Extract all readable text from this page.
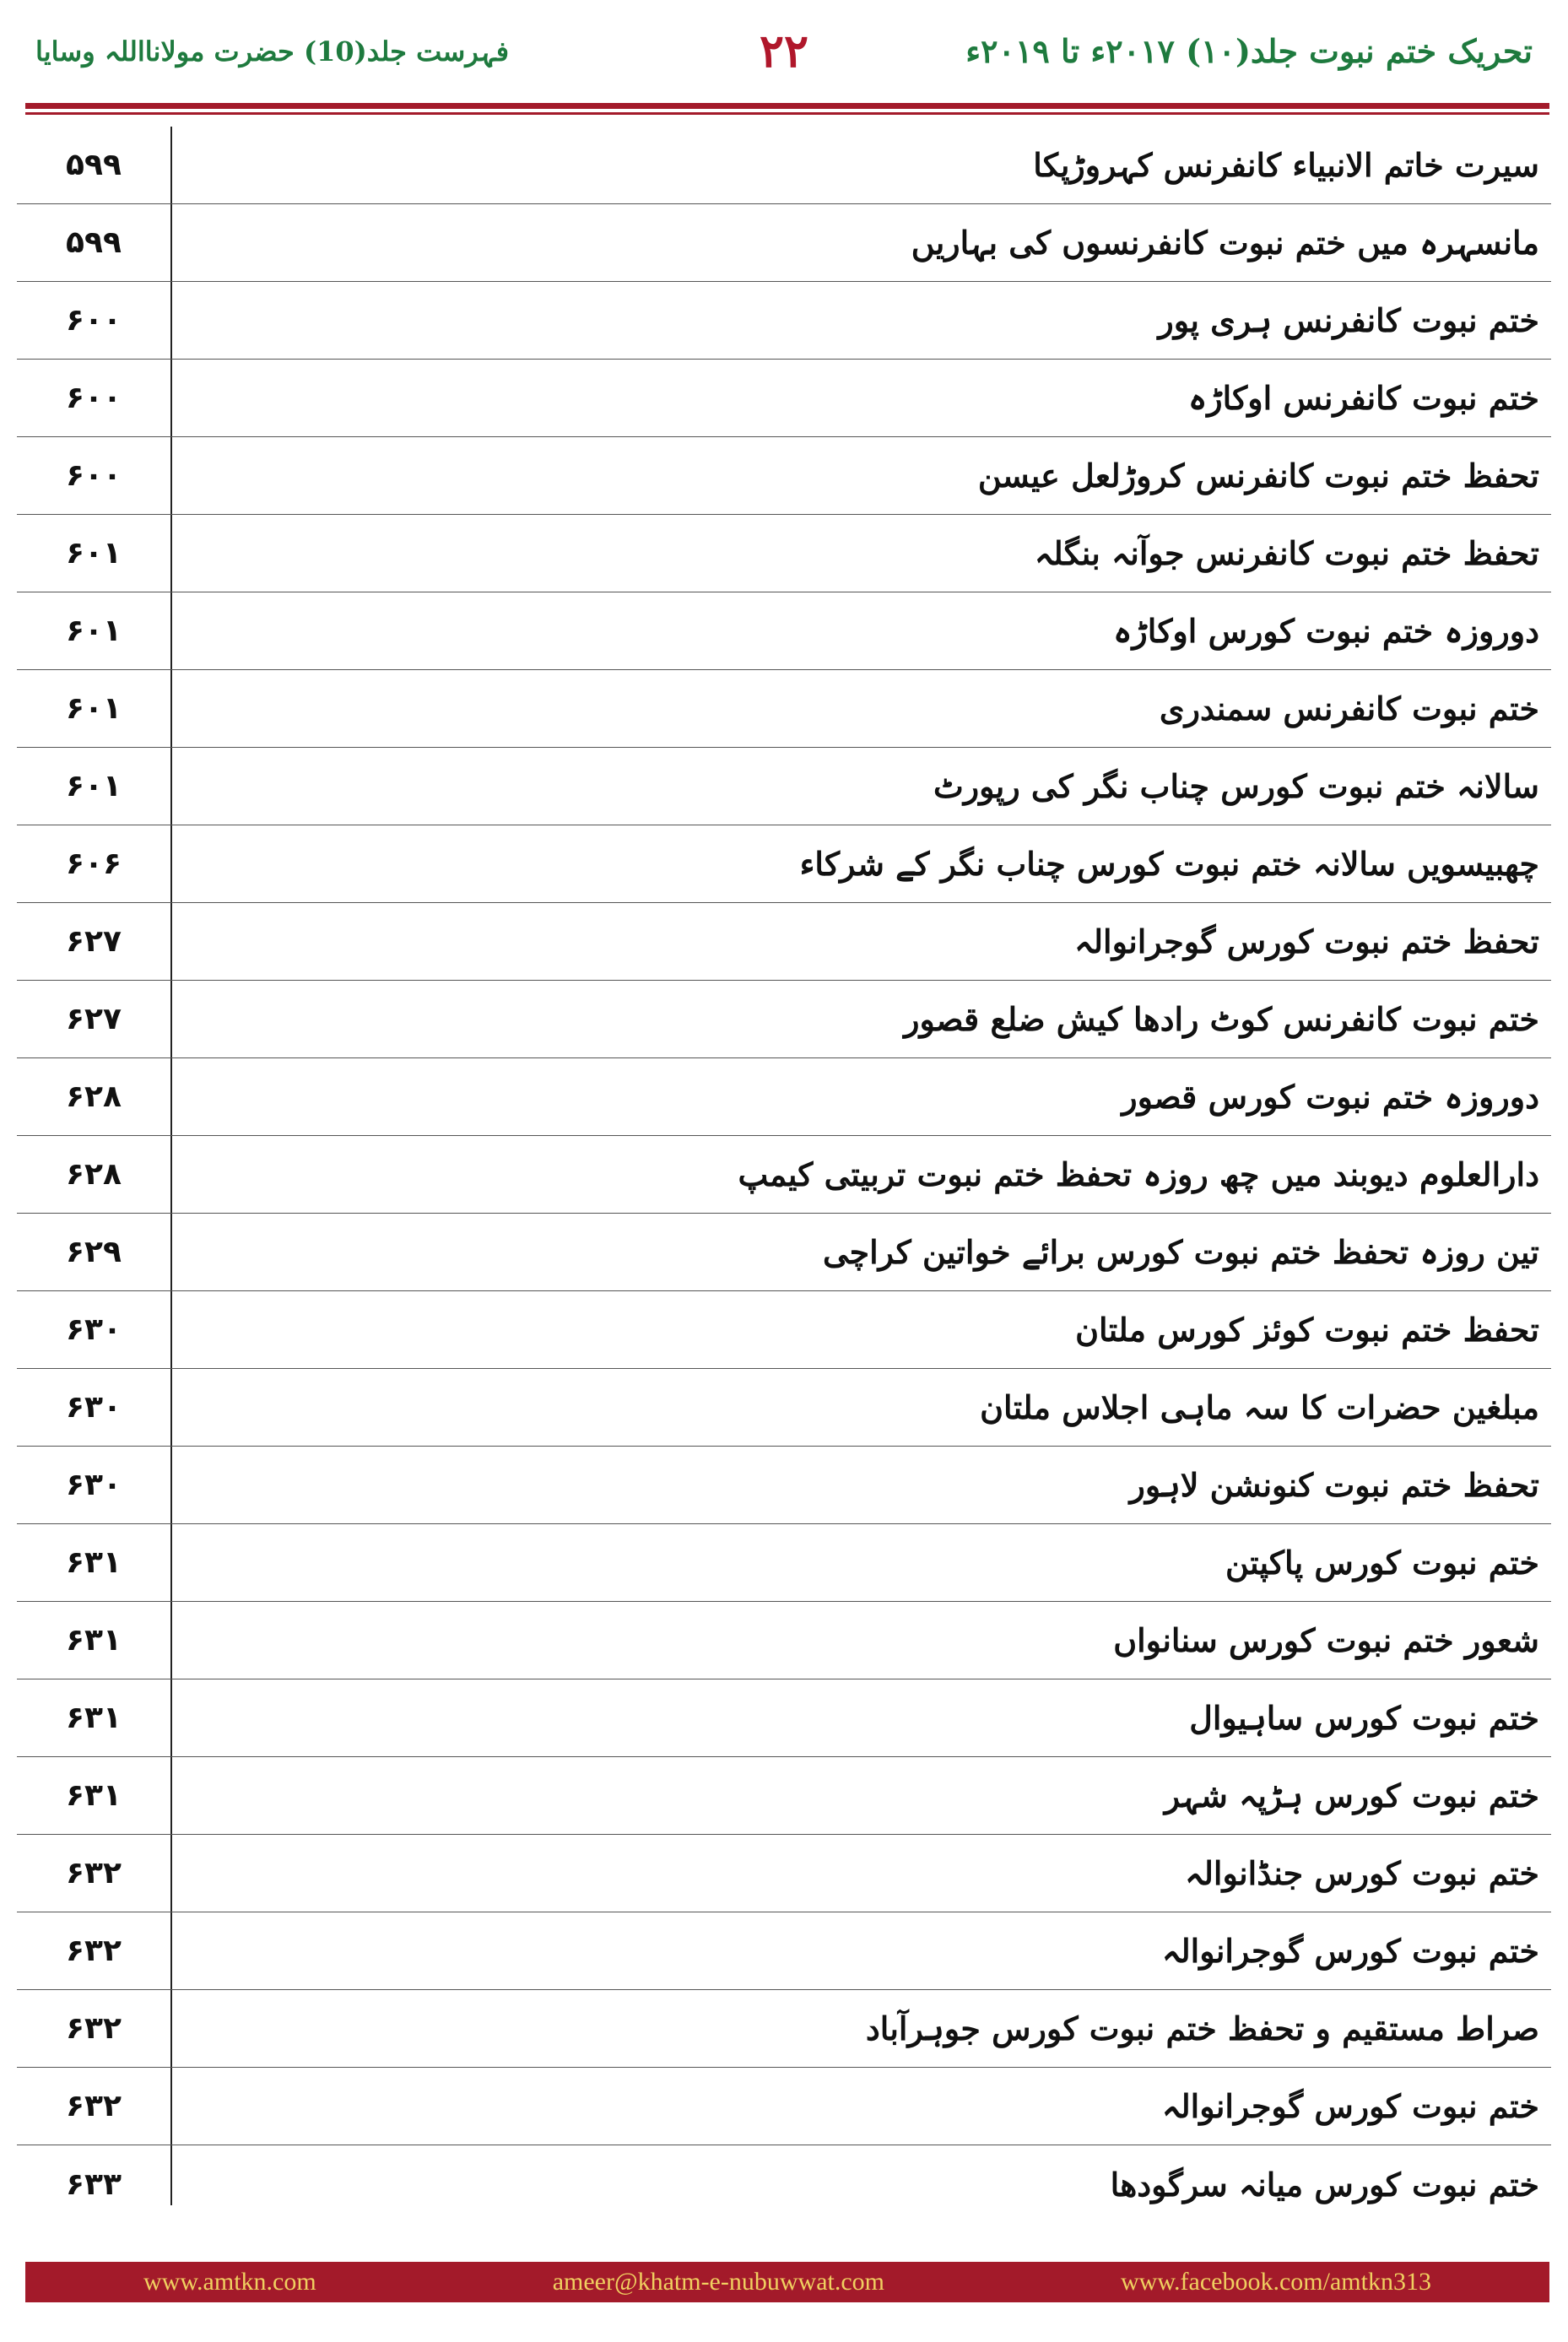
تحریک ختم نبوت جلد(۱۰) ۲۰۱۷ء تا ۲۰۱۹ء
۲۲
فہرست جلد(10) حضرت مولانااللہ وسایا
۵۹۹	سیرت خاتم الانبیاء کانفرنس کہروڑپکا
۵۹۹	مانسہرہ میں ختم نبوت کانفرنسوں کی بہاریں
۶۰۰	ختم نبوت کانفرنس ہری پور
۶۰۰	ختم نبوت کانفرنس اوکاڑہ
۶۰۰	تحفظ ختم نبوت کانفرنس کروڑلعل عیسن
۶۰۱	تحفظ ختم نبوت کانفرنس جوآنہ بنگلہ
۶۰۱	دوروزہ ختم نبوت کورس اوکاڑہ
۶۰۱	ختم نبوت کانفرنس سمندری
۶۰۱	سالانہ ختم نبوت کورس چناب نگر کی رپورٹ
۶۰۶	چھبیسویں سالانہ ختم نبوت کورس چناب نگر کے شرکاء
۶۲۷	تحفظ ختم نبوت کورس گوجرانوالہ
۶۲۷	ختم نبوت کانفرنس کوٹ رادھا کیش ضلع قصور
۶۲۸	دوروزہ ختم نبوت کورس قصور
۶۲۸	دارالعلوم دیوبند میں چھ روزہ تحفظ ختم نبوت تربیتی کیمپ
۶۲۹	تین روزہ تحفظ ختم نبوت کورس برائے خواتین کراچی
۶۳۰	تحفظ ختم نبوت کوئز کورس ملتان
۶۳۰	مبلغین حضرات کا سہ ماہی اجلاس ملتان
۶۳۰	تحفظ ختم نبوت کنونشن لاہور
۶۳۱	ختم نبوت کورس پاکپتن
۶۳۱	شعور ختم نبوت کورس سنانواں
۶۳۱	ختم نبوت کورس ساہیوال
۶۳۱	ختم نبوت کورس ہڑپہ شہر
۶۳۲	ختم نبوت کورس جنڈانوالہ
۶۳۲	ختم نبوت کورس گوجرانوالہ
۶۳۲	صراط مستقیم و تحفظ ختم نبوت کورس جوہرآباد
۶۳۲	ختم نبوت کورس گوجرانوالہ
۶۳۳	ختم نبوت کورس میانہ سرگودھا
www.amtkn.com	ameer@khatm-e-nubuwwat.com	www.facebook.com/amtkn313
